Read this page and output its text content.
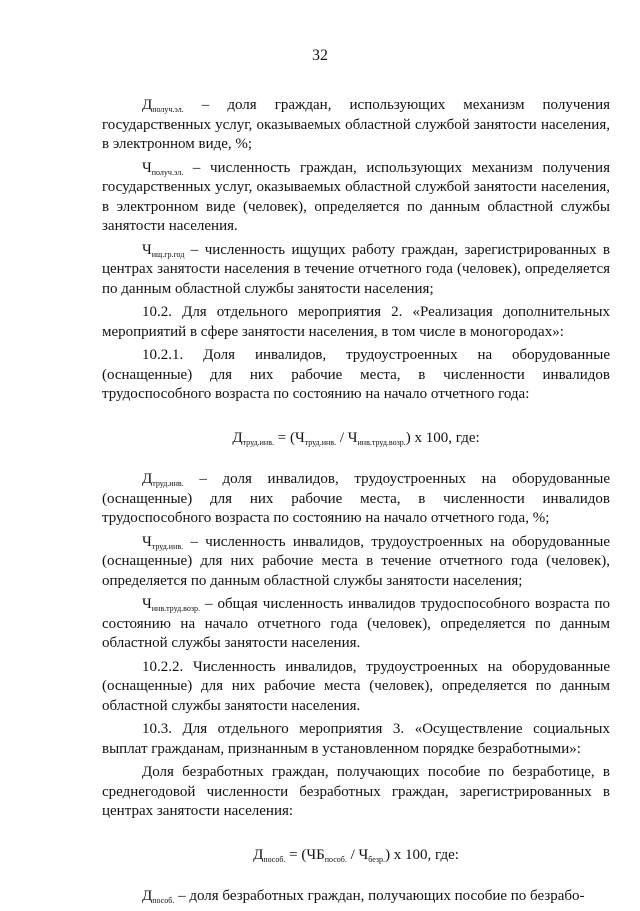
32

$Д_{получ.эл.}$ – доля граждан, использующих механизм получения государственных услуг, оказываемых областной службой занятости населения, в электронном виде, %;

$Ч_{получ.эл.}$ – численность граждан, использующих механизм получения государственных услуг, оказываемых областной службой занятости населения, в электронном виде (человек), определяется по данным областной службы занятости населения.

$Ч_{ищ.гр.год}$ – численность ищущих работу граждан, зарегистрированных в центрах занятости населения в течение отчетного года (человек), определяется по данным областной службы занятости населения;

10.2. Для отдельного мероприятия 2. «Реализация дополнительных мероприятий в сфере занятости населения, в том числе в моногородах»:

10.2.1. Доля инвалидов, трудоустроенных на оборудованные (оснащенные) для них рабочие места, в численности инвалидов трудоспособного возраста по состоянию на начало отчетного года:

$Д_{труд.инв.} = (Ч_{труд.инв.} / Ч_{инв.труд.возр.})$ x 100, где:

$Д_{труд.инв.}$ – доля инвалидов, трудоустроенных на оборудованные (оснащенные) для них рабочие места, в численности инвалидов трудоспособного возраста по состоянию на начало отчетного года, %;

$Ч_{труд.инв.}$ – численность инвалидов, трудоустроенных на оборудованные (оснащенные) для них рабочие места в течение отчетного года (человек), определяется по данным областной службы занятости населения;

$Ч_{инв.труд.возр.}$ – общая численность инвалидов трудоспособного возраста по состоянию на начало отчетного года (человек), определяется по данным областной службы занятости населения.

10.2.2. Численность инвалидов, трудоустроенных на оборудованные (оснащенные) для них рабочие места (человек), определяется по данным областной службы занятости населения.

10.3. Для отдельного мероприятия 3. «Осуществление социальных выплат гражданам, признанным в установленном порядке безработными»:

Доля безработных граждан, получающих пособие по безработице, в среднегодовой численности безработных граждан, зарегистрированных в центрах занятости населения:

$Д_{пособ.} = (ЧБ_{пособ.} / Ч_{безр.})$ x 100, где:

$Д_{пособ.}$ – доля безработных граждан, получающих пособие по безрабо-
